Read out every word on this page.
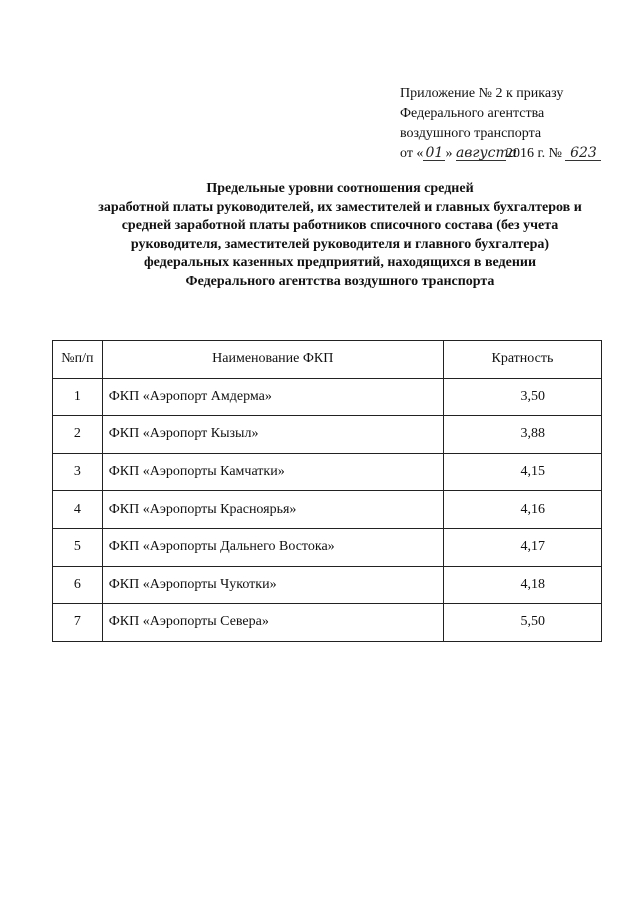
Приложение № 2 к приказу
Федерального агентства
воздушного транспорта
от « 01 » августа2016 г. № 623
Предельные уровни соотношения средней
заработной платы руководителей, их заместителей и главных бухгалтеров и
средней заработной платы работников списочного состава (без учета
руководителя, заместителей руководителя и главного бухгалтера)
федеральных казенных предприятий, находящихся в ведении
Федерального агентства воздушного транспорта
№п/п	Наименование ФКП	Кратность
1	ФКП «Аэропорт Амдерма»	3,50
2	ФКП «Аэропорт Кызыл»	3,88
3	ФКП «Аэропорты Камчатки»	4,15
4	ФКП «Аэропорты Красноярья»	4,16
5	ФКП «Аэропорты Дальнего Востока»	4,17
6	ФКП «Аэропорты Чукотки»	4,18
7	ФКП «Аэропорты Севера»	5,50
